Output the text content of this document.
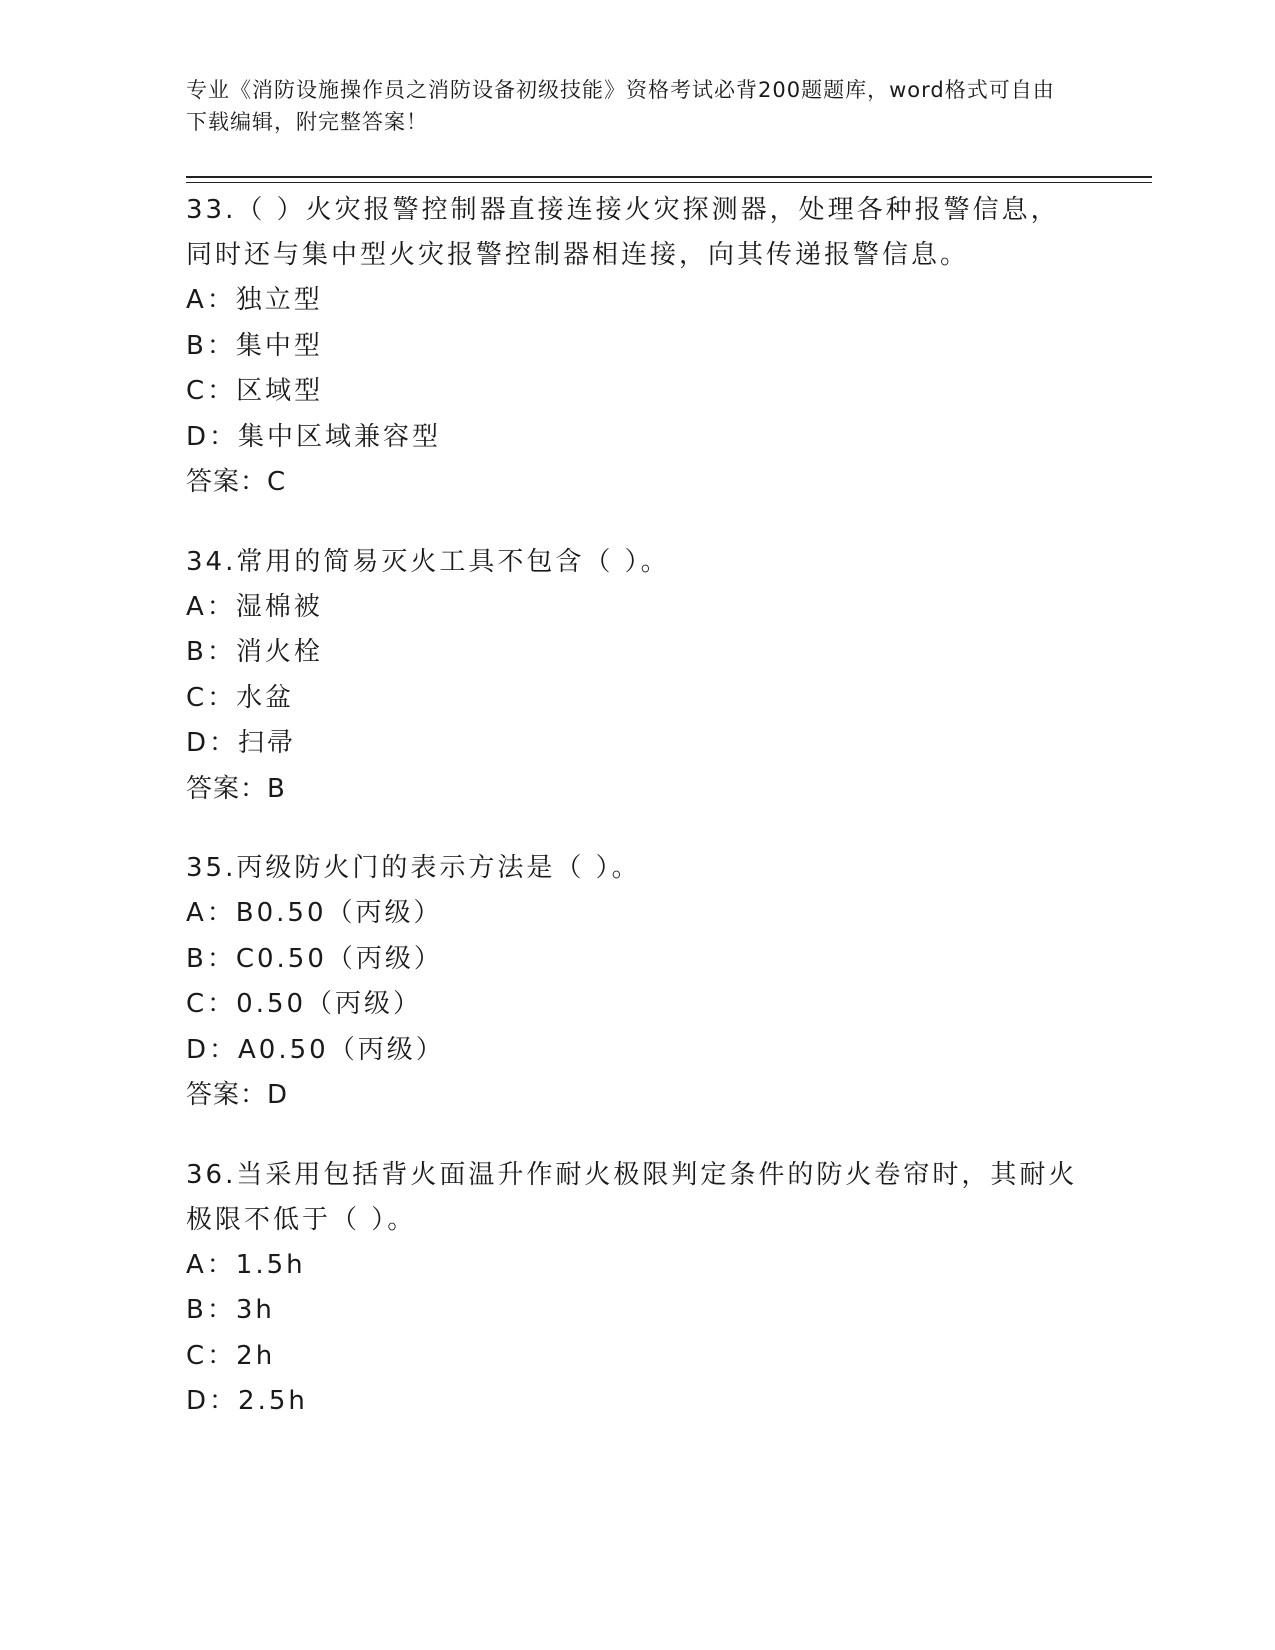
专业《消防设施操作员之消防设备初级技能》资格考试必背200题题库，word格式可自由下载编辑，附完整答案！
33.（ ）火灾报警控制器直接连接火灾探测器，处理各种报警信息，同时还与集中型火灾报警控制器相连接，向其传递报警信息。
A：独立型
B：集中型
C：区域型
D：集中区域兼容型
答案：C
34.常用的简易灭火工具不包含（ ）。
A：湿棉被
B：消火栓
C：水盆
D：扫帚
答案：B
35.丙级防火门的表示方法是（ ）。
A：B0.50（丙级）
B：C0.50（丙级）
C：0.50（丙级）
D：A0.50（丙级）
答案：D
36.当采用包括背火面温升作耐火极限判定条件的防火卷帘时，其耐火极限不低于（ ）。
A：1.5h
B：3h
C：2h
D：2.5h
